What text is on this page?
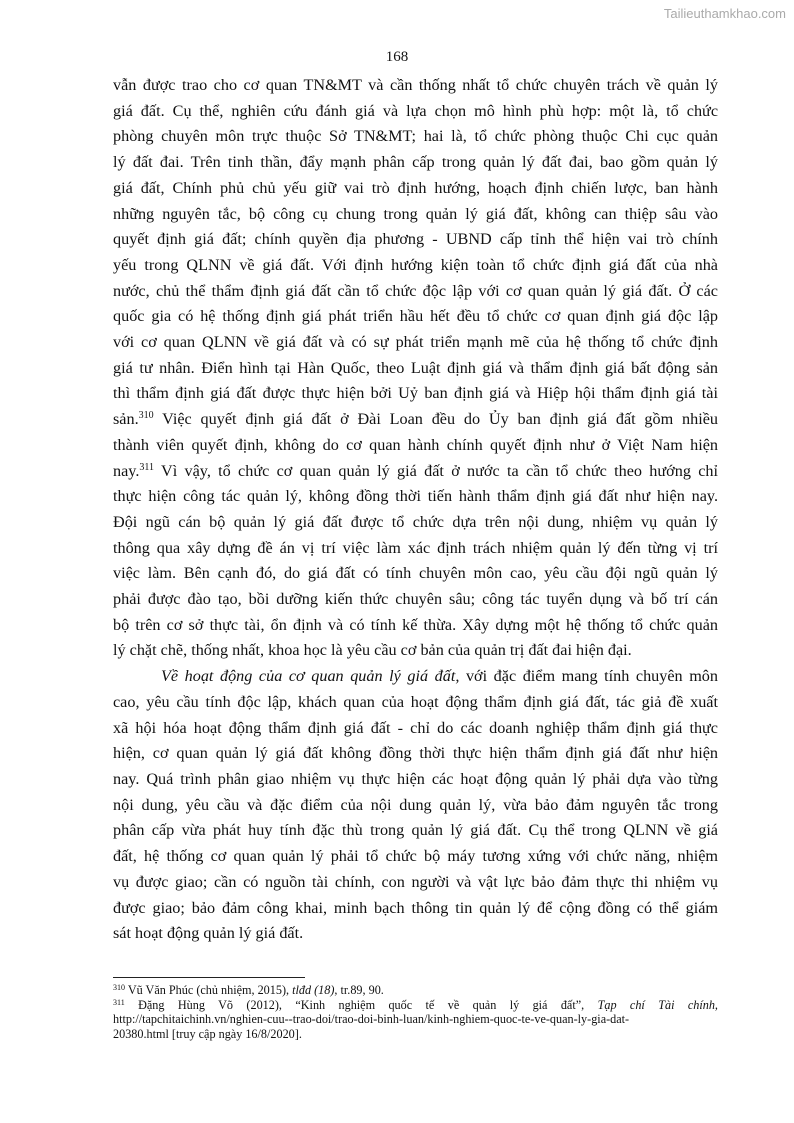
Tailieuthamkhao.com
168

vẫn được trao cho cơ quan TN&MT và cần thống nhất tổ chức chuyên trách về quản lý
giá đất. Cụ thể, nghiên cứu đánh giá và lựa chọn mô hình phù hợp: một là, tổ chức
phòng chuyên môn trực thuộc Sở TN&MT; hai là, tổ chức phòng thuộc Chi cục quản
lý đất đai. Trên tinh thần, đẩy mạnh phân cấp trong quản lý đất đai, bao gồm quản lý
giá đất, Chính phủ chủ yếu giữ vai trò định hướng, hoạch định chiến lược, ban hành
những nguyên tắc, bộ công cụ chung trong quản lý giá đất, không can thiệp sâu vào
quyết định giá đất; chính quyền địa phương - UBND cấp tỉnh thể hiện vai trò chính
yếu trong QLNN về giá đất. Với định hướng kiện toàn tổ chức định giá đất của nhà
nước, chủ thể thẩm định giá đất cần tổ chức độc lập với cơ quan quản lý giá đất. Ở các
quốc gia có hệ thống định giá phát triển hầu hết đều tổ chức cơ quan định giá độc lập
với cơ quan QLNN về giá đất và có sự phát triển mạnh mẽ của hệ thống tổ chức định
giá tư nhân. Điển hình tại Hàn Quốc, theo Luật định giá và thẩm định giá bất động sản
thì thẩm định giá đất được thực hiện bởi Uỷ ban định giá và Hiệp hội thẩm định giá tài
sản.$^{310}$ Việc quyết định giá đất ở Đài Loan đều do Ủy ban định giá đất gồm nhiều
thành viên quyết định, không do cơ quan hành chính quyết định như ở Việt Nam hiện
nay.$^{311}$ Vì vậy, tổ chức cơ quan quản lý giá đất ở nước ta cần tổ chức theo hướng chỉ
thực hiện công tác quản lý, không đồng thời tiến hành thẩm định giá đất như hiện nay.
Đội ngũ cán bộ quản lý giá đất được tổ chức dựa trên nội dung, nhiệm vụ quản lý
thông qua xây dựng đề án vị trí việc làm xác định trách nhiệm quản lý đến từng vị trí
việc làm. Bên cạnh đó, do giá đất có tính chuyên môn cao, yêu cầu đội ngũ quản lý
phải được đào tạo, bồi dưỡng kiến thức chuyên sâu; công tác tuyển dụng và bố trí cán
bộ trên cơ sở thực tài, ổn định và có tính kế thừa. Xây dựng một hệ thống tổ chức quản
lý chặt chẽ, thống nhất, khoa học là yêu cầu cơ bản của quản trị đất đai hiện đại.

Về hoạt động của cơ quan quản lý giá đất, với đặc điểm mang tính chuyên môn
cao, yêu cầu tính độc lập, khách quan của hoạt động thẩm định giá đất, tác giả đề xuất
xã hội hóa hoạt động thẩm định giá đất - chỉ do các doanh nghiệp thẩm định giá thực
hiện, cơ quan quản lý giá đất không đồng thời thực hiện thẩm định giá đất như hiện
nay. Quá trình phân giao nhiệm vụ thực hiện các hoạt động quản lý phải dựa vào từng
nội dung, yêu cầu và đặc điểm của nội dung quản lý, vừa bảo đảm nguyên tắc trong
phân cấp vừa phát huy tính đặc thù trong quản lý giá đất. Cụ thể trong QLNN về giá
đất, hệ thống cơ quan quản lý phải tổ chức bộ máy tương xứng với chức năng, nhiệm
vụ được giao; cần có nguồn tài chính, con người và vật lực bảo đảm thực thi nhiệm vụ
được giao; bảo đảm công khai, minh bạch thông tin quản lý để cộng đồng có thể giám
sát hoạt động quản lý giá đất.

$^{310}$ Vũ Văn Phúc (chủ nhiệm, 2015), tlđd (18), tr.89, 90.

$^{311}$ Đặng Hùng Võ (2012), “Kinh nghiệm quốc tế về quản lý giá đất”, Tạp chí Tài chính,
http://tapchitaichinh.vn/nghien-cuu--trao-doi/trao-doi-binh-luan/kinh-nghiem-quoc-te-ve-quan-ly-gia-dat-
20380.html [truy cập ngày 16/8/2020].
